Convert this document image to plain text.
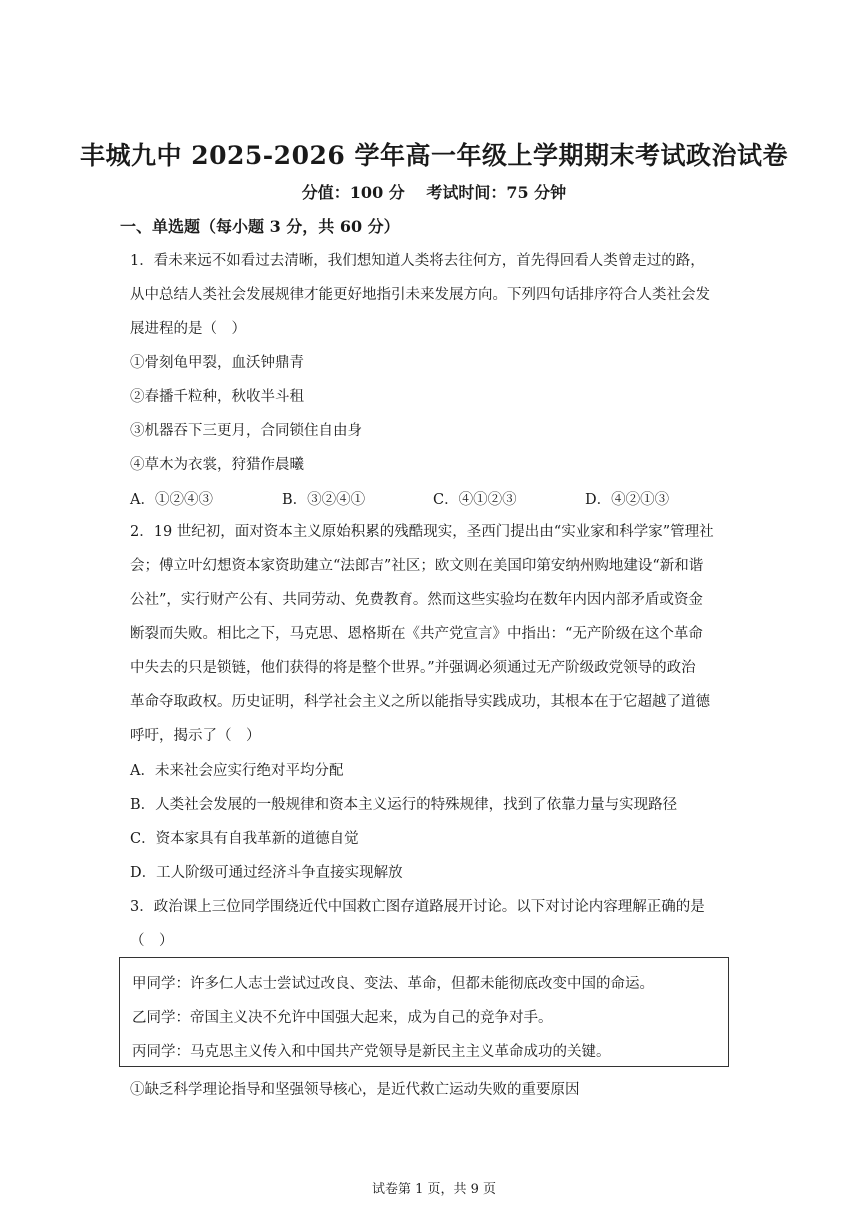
丰城九中 2025-2026 学年高一年级上学期期末考试政治试卷
分值：100 分　 考试时间：75 分钟
一、单选题（每小题 3 分，共 60 分）
1．看未来远不如看过去清晰，我们想知道人类将去往何方，首先得回看人类曾走过的路，
从中总结人类社会发展规律才能更好地指引未来发展方向。下列四句话排序符合人类社会发
展进程的是（　）
①骨刻龟甲裂，血沃钟鼎青
②春播千粒种，秋收半斗租
③机器吞下三更月，合同锁住自由身
④草木为衣裳，狩猎作晨曦
A．①②④③	B．③②④①	C．④①②③	D．④②①③
2．19 世纪初，面对资本主义原始积累的残酷现实，圣西门提出由“实业家和科学家”管理社
会；傅立叶幻想资本家资助建立“法郎吉”社区；欧文则在美国印第安纳州购地建设“新和谐
公社”，实行财产公有、共同劳动、免费教育。然而这些实验均在数年内因内部矛盾或资金
断裂而失败。相比之下，马克思、恩格斯在《共产党宣言》中指出：“无产阶级在这个革命
中失去的只是锁链，他们获得的将是整个世界。”并强调必须通过无产阶级政党领导的政治
革命夺取政权。历史证明，科学社会主义之所以能指导实践成功，其根本在于它超越了道德
呼吁，揭示了（　）
A．未来社会应实行绝对平均分配
B．人类社会发展的一般规律和资本主义运行的特殊规律，找到了依靠力量与实现路径
C．资本家具有自我革新的道德自觉
D．工人阶级可通过经济斗争直接实现解放
3．政治课上三位同学围绕近代中国救亡图存道路展开讨论。以下对讨论内容理解正确的是
（　）
甲同学：许多仁人志士尝试过改良、变法、革命，但都未能彻底改变中国的命运。
乙同学：帝国主义决不允许中国强大起来，成为自己的竞争对手。
丙同学：马克思主义传入和中国共产党领导是新民主主义革命成功的关键。
①缺乏科学理论指导和坚强领导核心，是近代救亡运动失败的重要原因
试卷第 1 页，共 9 页
